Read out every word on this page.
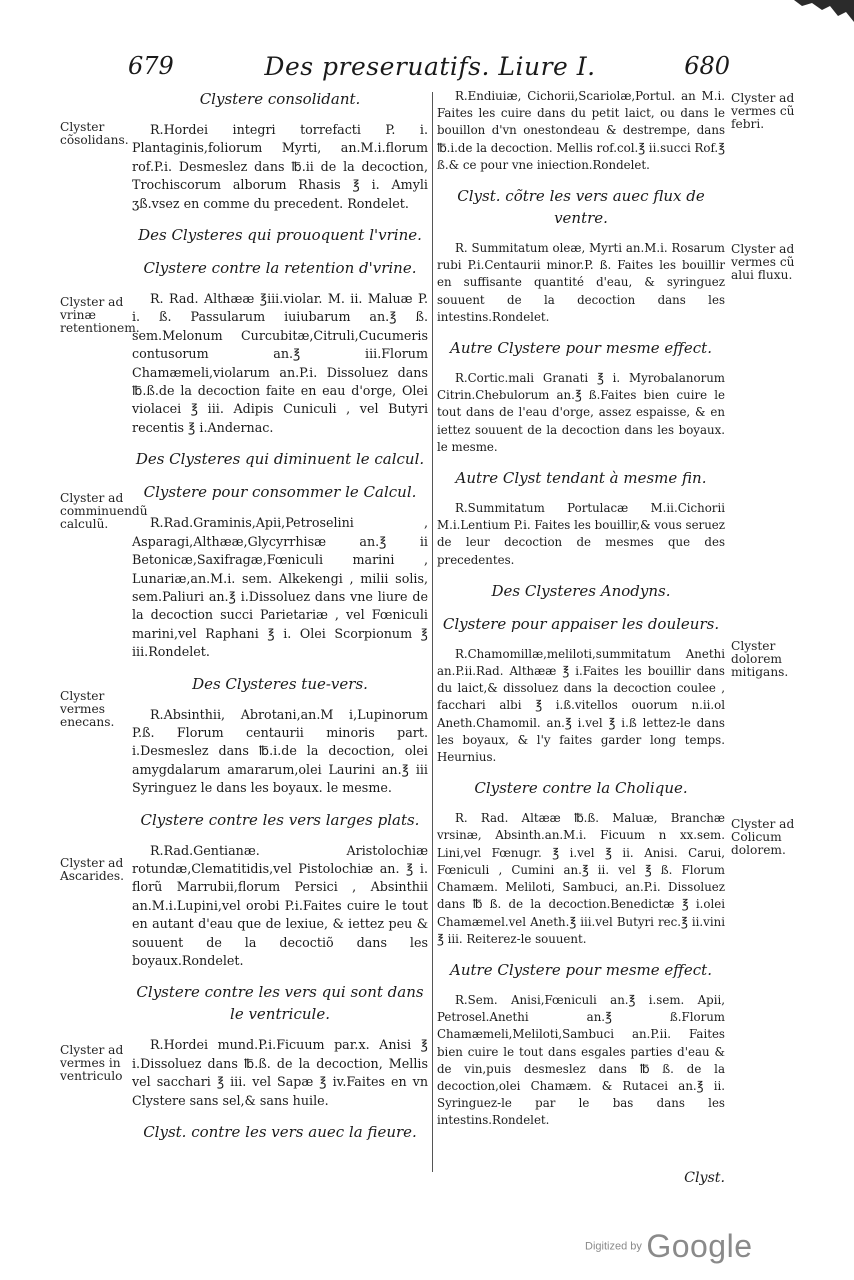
679	Des preseruatifs. Liure I.	680
Clystere consolidant.
R.Hordei integri torrefacti P. i. Plantaginis,foliorum Myrti, an.M.i.florum rof.P.i. Desmeslez dans ℔.ii de la decoction, Trochiscorum alborum Rhasis ℥ i. Amyli ʒß.vsez en comme du precedent. Rondelet.
Des Clysteres qui prouoquent l'vrine.
Clystere contre la retention d'vrine.
R. Rad. Althææ ℥iii.violar. M. ii. Maluæ P. i. ß. Passularum iuiubarum an.℥ ß. sem.Melonum Curcubitæ,Citruli,Cucumeris contusorum an.℥ iii.Florum Chamæmeli,violarum an.P.i. Dissoluez dans ℔.ß.de la decoction faite en eau d'orge, Olei violacei ℥ iii. Adipis Cuniculi , vel Butyri recentis ℥ i.Andernac.
Des Clysteres qui diminuent le calcul.
Clystere pour consommer le Calcul.
R.Rad.Graminis,Apii,Petroselini , Asparagi,Althææ,Glycyrrhisæ an.℥ ii Betonicæ,Saxifragæ,Fœniculi marini , Lunariæ,an.M.i. sem. Alkekengi , milii solis, sem.Paliuri an.℥ i.Dissoluez dans vne liure de la decoction succi Parietariæ , vel Fœniculi marini,vel Raphani ℥ i. Olei Scorpionum ℥ iii.Rondelet.
Des Clysteres tue-vers.
R.Absinthii, Abrotani,an.M i,Lupinorum P.ß. Florum centaurii minoris part. i.Desmeslez dans ℔.i.de la decoction, olei amygdalarum amararum,olei Laurini an.℥ iii Syringuez le dans les boyaux. le mesme.
Clystere contre les vers larges plats.
R.Rad.Gentianæ. Aristolochiæ rotundæ,Clematitidis,vel Pistolochiæ an. ℥ i. florũ Marrubii,florum Persici , Absinthii an.M.i.Lupini,vel orobi P.i.Faites cuire le tout en autant d'eau que de lexiue, & iettez peu & souuent de la decoctiõ dans les boyaux.Rondelet.
Clystere contre les vers qui sont dans le ventricule.
R.Hordei mund.P.i.Ficuum par.x. Anisi ℥ i.Dissoluez dans ℔.ß. de la decoction, Mellis vel sacchari ℥ iii. vel Sapæ ℥ iv.Faites en vn Clystere sans sel,& sans huile.
Clyst. contre les vers auec la fieure.
R.Endiuiæ, Cichorii,Scariolæ,Portul. an M.i. Faites les cuire dans du petit laict, ou dans le bouillon d'vn onestondeau & destrempe, dans ℔.i.de la decoction. Mellis rof.col.℥ ii.succi Rof.℥ ß.& ce pour vne iniection.Rondelet.
Clyst. cõtre les vers auec flux de ventre.
R. Summitatum oleæ, Myrti an.M.i. Rosarum rubi P.i.Centaurii minor.P. ß. Faites les bouillir en suffisante quantité d'eau, & syringuez souuent de la decoction dans les intestins.Rondelet.
Autre Clystere pour mesme effect.
R.Cortic.mali Granati ℥ i. Myrobalanorum Citrin.Chebulorum an.℥ ß.Faites bien cuire le tout dans de l'eau d'orge, assez espaisse, & en iettez souuent de la decoction dans les boyaux. le mesme.
Autre Clyst tendant à mesme fin.
R.Summitatum Portulacæ M.ii.Cichorii M.i.Lentium P.i. Faites les bouillir,& vous seruez de leur decoction de mesmes que des precedentes.
Des Clysteres Anodyns.
Clystere pour appaiser les douleurs.
R.Chamomillæ,meliloti,summitatum Anethi an.P.ii.Rad. Althææ ℥ i.Faites les bouillir dans du laict,& dissoluez dans la decoction coulee , facchari albi ℥ i.ß.vitellos ouorum n.ii.ol Aneth.Chamomil. an.℥ i.vel ℥ i.ß lettez-le dans les boyaux, & l'y faites garder long temps. Heurnius.
Clystere contre la Cholique.
R. Rad. Altææ ℔.ß. Maluæ, Branchæ vrsinæ, Absinth.an.M.i. Ficuum n xx.sem. Lini,vel Fœnugr. ℥ i.vel ℥ ii. Anisi. Carui, Fœniculi , Cumini an.℥ ii. vel ℥ ß. Florum Chamæm. Meliloti, Sambuci, an.P.i. Dissoluez dans ℔ ß. de la decoction.Benedictæ ℥ i.olei Chamæmel.vel Aneth.℥ iii.vel Butyri rec.℥ ii.vini ℥ iii. Reiterez-le souuent.
Autre Clystere pour mesme effect.
R.Sem. Anisi,Fœniculi an.℥ i.sem. Apii, Petrosel.Anethi an.℥ ß.Florum Chamæmeli,Meliloti,Sambuci an.P.ii. Faites bien cuire le tout dans esgales parties d'eau & de vin,puis desmeslez dans ℔ ß. de la decoction,olei Chamæm. & Rutacei an.℥ ii. Syringuez-le par le bas dans les intestins.Rondelet.
Clyster cõsolidans.
Clyster ad vrinæ retentionem.
Clyster ad comminuendũ calculũ.
Clyster vermes enecans.
Clyster ad Ascarides.
Clyster ad vermes in ventriculo
Clyster ad vermes cũ febri.
Clyster ad vermes cũ alui fluxu.
Clyster dolorem mitigans.
Clyster ad Colicum dolorem.
Clyst.
Digitized by Google
